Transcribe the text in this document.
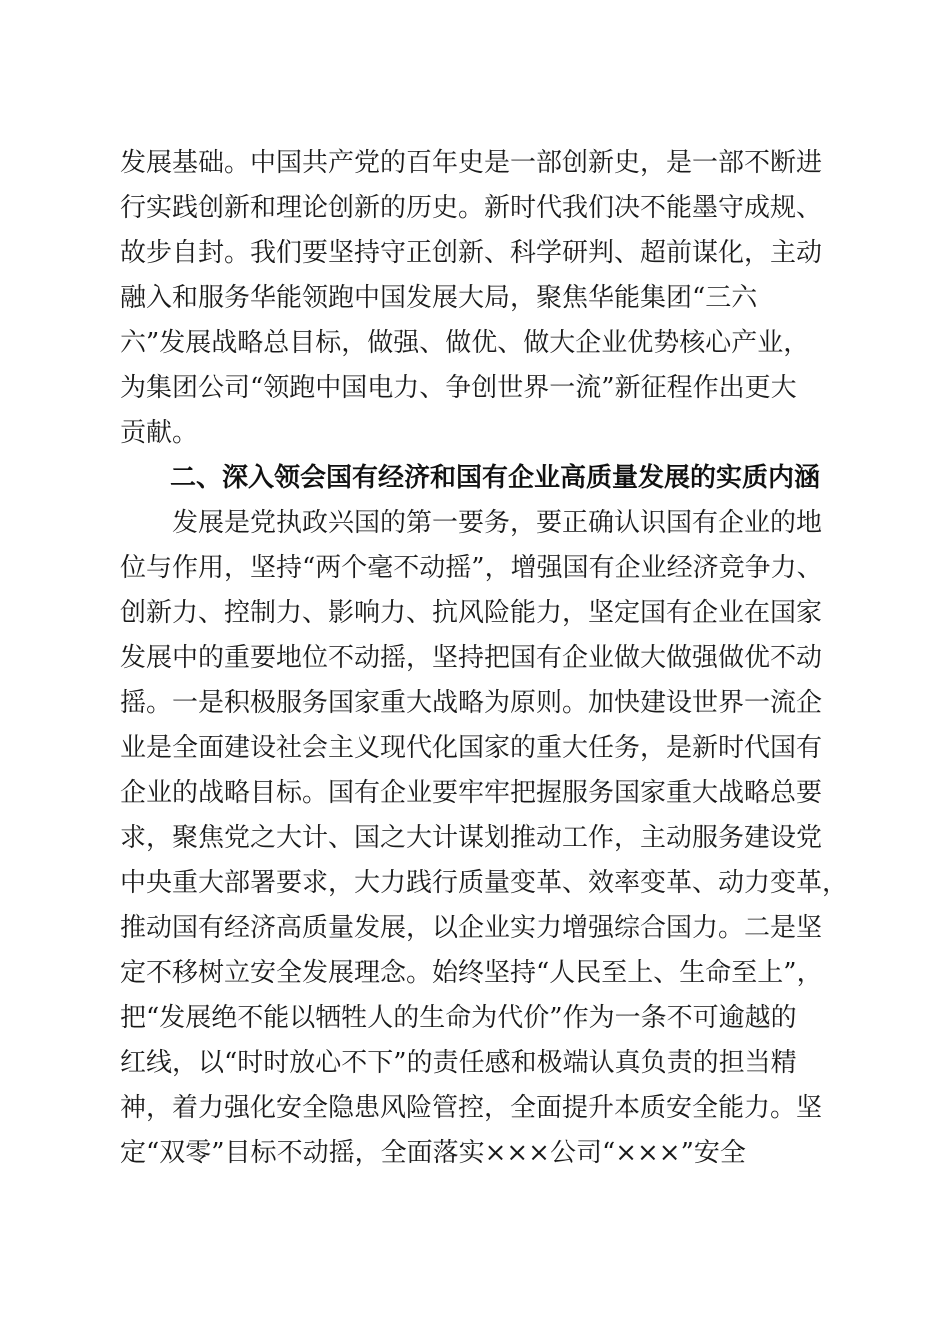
发展基础。中国共产党的百年史是一部创新史，是一部不断进
行实践创新和理论创新的历史。新时代我们决不能墨守成规、
故步自封。我们要坚持守正创新、科学研判、超前谋化，主动
融入和服务华能领跑中国发展大局，聚焦华能集团“三六
六”发展战略总目标，做强、做优、做大企业优势核心产业，
为集团公司“领跑中国电力、争创世界一流”新征程作出更大
贡献。
二、深入领会国有经济和国有企业高质量发展的实质内涵
发展是党执政兴国的第一要务，要正确认识国有企业的地
位与作用，坚持“两个毫不动摇”，增强国有企业经济竞争力、
创新力、控制力、影响力、抗风险能力，坚定国有企业在国家
发展中的重要地位不动摇，坚持把国有企业做大做强做优不动
摇。一是积极服务国家重大战略为原则。加快建设世界一流企
业是全面建设社会主义现代化国家的重大任务，是新时代国有
企业的战略目标。国有企业要牢牢把握服务国家重大战略总要
求，聚焦党之大计、国之大计谋划推动工作，主动服务建设党
中央重大部署要求，大力践行质量变革、效率变革、动力变革，
推动国有经济高质量发展，以企业实力增强综合国力。二是坚
定不移树立安全发展理念。始终坚持“人民至上、生命至上”，
把“发展绝不能以牺牲人的生命为代价”作为一条不可逾越的
红线，以“时时放心不下”的责任感和极端认真负责的担当精
神，着力强化安全隐患风险管控，全面提升本质安全能力。坚
定“双零”目标不动摇，全面落实×××公司“×××”安全
